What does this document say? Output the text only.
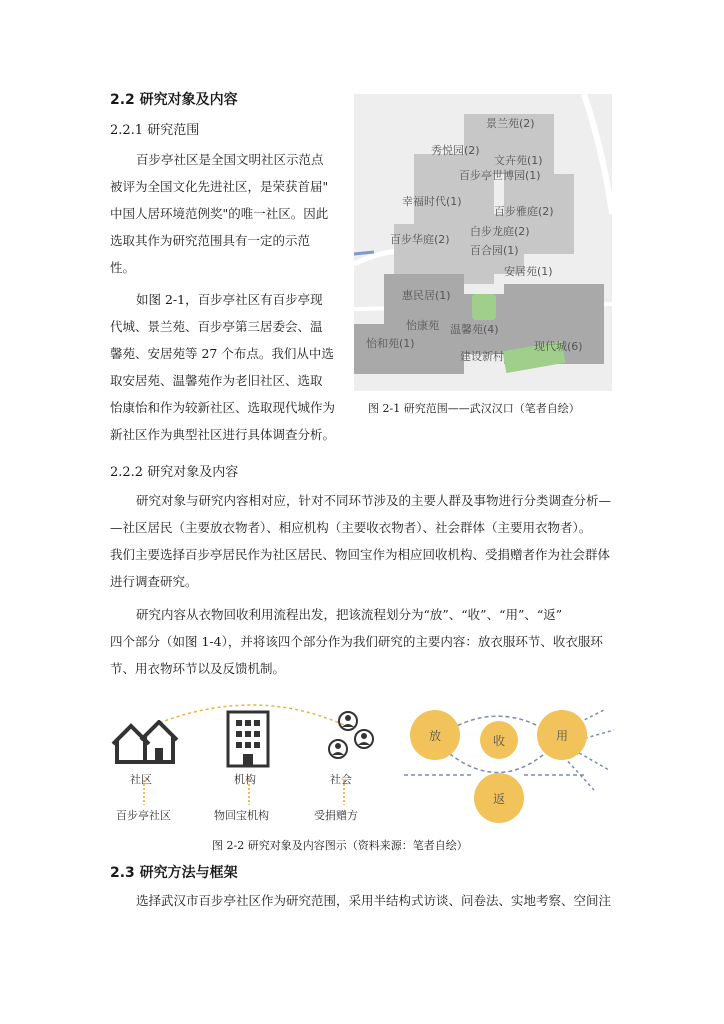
2.2 研究对象及内容
2.2.1 研究范围

百步亭社区是全国文明社区示范点

被评为全国文化先进社区，是荣获首届"

中国人居环境范例奖"的唯一社区。因此

选取其作为研究范围具有一定的示范

性。

如图 2-1，百步亭社区有百步亭现

代城、景兰苑、百步亭第三居委会、温

馨苑、安居苑等 27 个布点。我们从中选

取安居苑、温馨苑作为老旧社区、选取

怡康怡和作为较新社区、选取现代城作为

新社区作为典型社区进行具体调查分析。

景兰苑(2)
秀悦园(2)
文卉苑(1)
百步亭世博园(1)
幸福时代(1)
百步雅庭(2)
百步华庭(2)
白步龙庭(2)
百合园(1)
安居苑(1)
惠民居(1)
怡康苑 温馨苑(4)
怡和苑(1)
建设新村
现代城(6)
图 2-1 研究范围——武汉汉口（笔者自绘）
2.2.2 研究对象及内容

研究对象与研究内容相对应，针对不同环节涉及的主要人群及事物进行分类调查分析—

—社区居民（主要放衣物者）、相应机构（主要收衣物者）、社会群体（主要用衣物者）。

我们主要选择百步亭居民作为社区居民、物回宝作为相应回收机构、受捐赠者作为社会群体

进行调查研究。

研究内容从衣物回收利用流程出发，把该流程划分为“放”、“收”、“用”、“返”

四个部分（如图 1-4），并将该四个部分作为我们研究的主要内容：放衣服环节、收衣服环

节、用衣物环节以及反馈机制。

社区	机构	社会
百步亭社区	物回宝机构	受捐赠方
放	收	用
返
图 2-2 研究对象及内容图示（资料来源：笔者自绘）
2.3 研究方法与框架

选择武汉市百步亭社区作为研究范围，采用半结构式访谈、问卷法、实地考察、空间注
